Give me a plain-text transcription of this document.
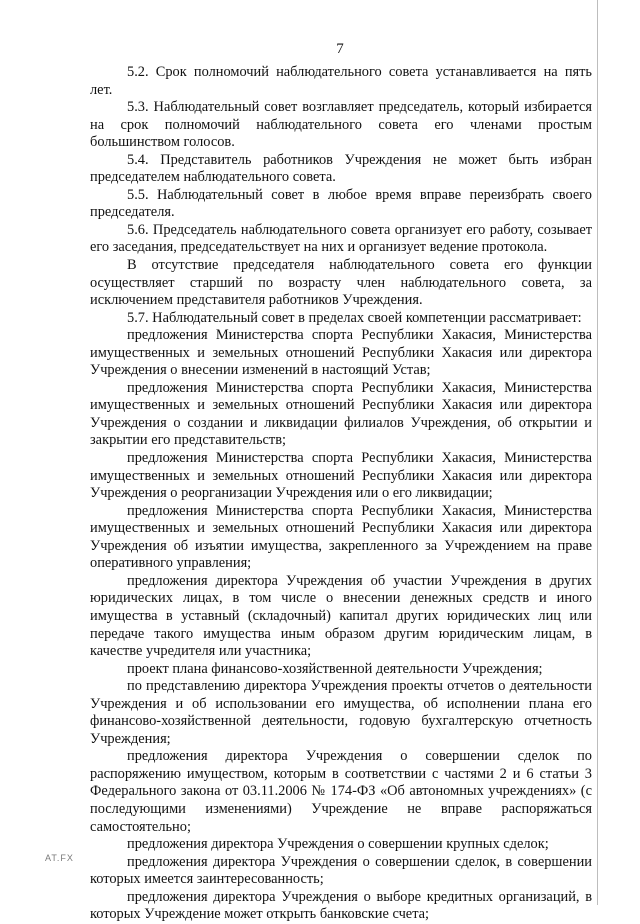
7

5.2. Срок полномочий наблюдательного совета устанавливается на пять лет.

5.3. Наблюдательный совет возглавляет председатель, который избирается на срок полномочий наблюдательного совета его членами простым большинством голосов.

5.4. Представитель работников Учреждения не может быть избран председателем наблюдательного совета.

5.5. Наблюдательный совет в любое время вправе переизбрать своего председателя.

5.6. Председатель наблюдательного совета организует его работу, созывает его заседания, председательствует на них и организует ведение протокола.

В отсутствие председателя наблюдательного совета его функции осуществляет старший по возрасту член наблюдательного совета, за исключением представителя работников Учреждения.

5.7. Наблюдательный совет в пределах своей компетенции рассматривает:

предложения Министерства спорта Республики Хакасия, Министерства имущественных и земельных отношений Республики Хакасия или директора Учреждения о внесении изменений в настоящий Устав;

предложения Министерства спорта Республики Хакасия, Министерства имущественных и земельных отношений Республики Хакасия или директора Учреждения о создании и ликвидации филиалов Учреждения, об открытии и закрытии его представительств;

предложения Министерства спорта Республики Хакасия, Министерства имущественных и земельных отношений Республики Хакасия или директора Учреждения о реорганизации Учреждения или о его ликвидации;

предложения Министерства спорта Республики Хакасия, Министерства имущественных и земельных отношений Республики Хакасия или директора Учреждения об изъятии имущества, закрепленного за Учреждением на праве оперативного управления;

предложения директора Учреждения об участии Учреждения в других юридических лицах, в том числе о внесении денежных средств и иного имущества в уставный (складочный) капитал других юридических лиц или передаче такого имущества иным образом другим юридическим лицам, в качестве учредителя или участника;

проект плана финансово-хозяйственной деятельности Учреждения;

по представлению директора Учреждения проекты отчетов о деятельности Учреждения и об использовании его имущества, об исполнении плана его финансово-хозяйственной деятельности, годовую бухгалтерскую отчетность Учреждения;

предложения директора Учреждения о совершении сделок по распоряжению имуществом, которым в соответствии с частями 2 и 6 статьи 3 Федерального закона от 03.11.2006 № 174-ФЗ «Об автономных учреждениях» (с последующими изменениями) Учреждение не вправе распоряжаться самостоятельно;

предложения директора Учреждения о совершении крупных сделок;

предложения директора Учреждения о совершении сделок, в совершении которых имеется заинтересованность;

предложения директора Учреждения о выборе кредитных организаций, в которых Учреждение может открыть банковские счета;

AT.FX
